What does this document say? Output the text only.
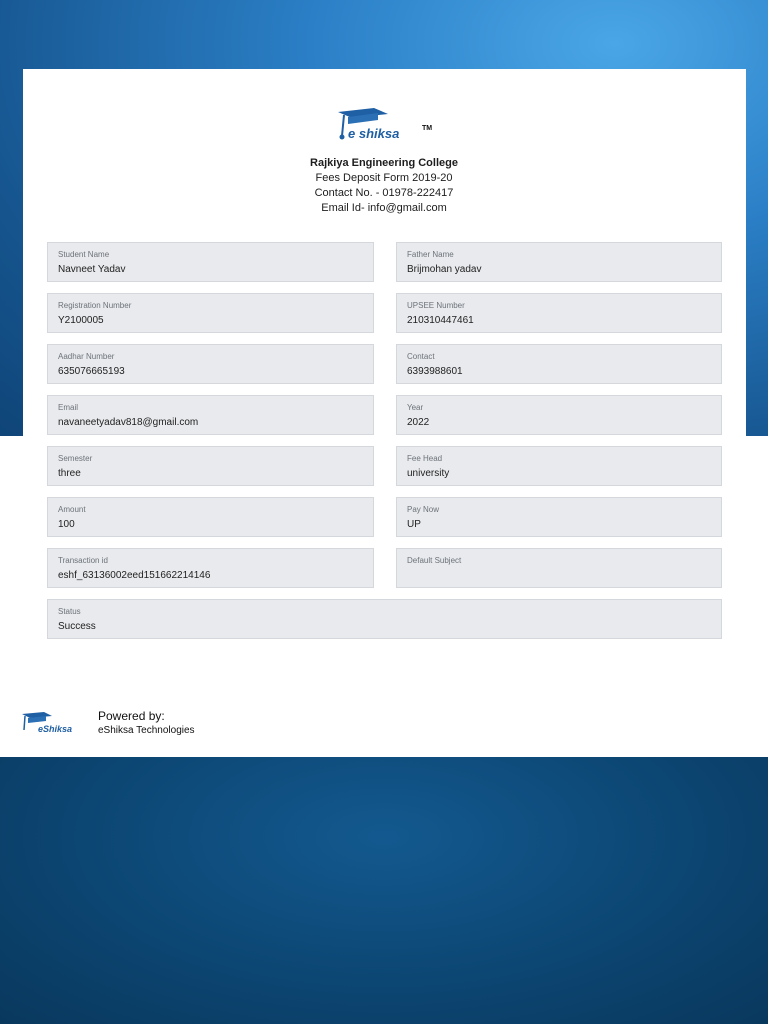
e shiksa	TM
Rajkiya Engineering College
Fees Deposit Form 2019-20
Contact No. - 01978-222417
Email Id- info@gmail.com
Student Name
Navneet Yadav
Father Name
Brijmohan yadav
Registration Number
Y2100005
UPSEE Number
210310447461
Aadhar Number
635076665193
Contact
6393988601
Email
navaneetyadav818@gmail.com
Year
2022
Semester
three
Fee Head
university
Amount
100
Pay Now
UP
Transaction id
eshf_63136002eed151662214146
Default Subject
Status
Success
eShiksa
Powered by:
eShiksa Technologies
